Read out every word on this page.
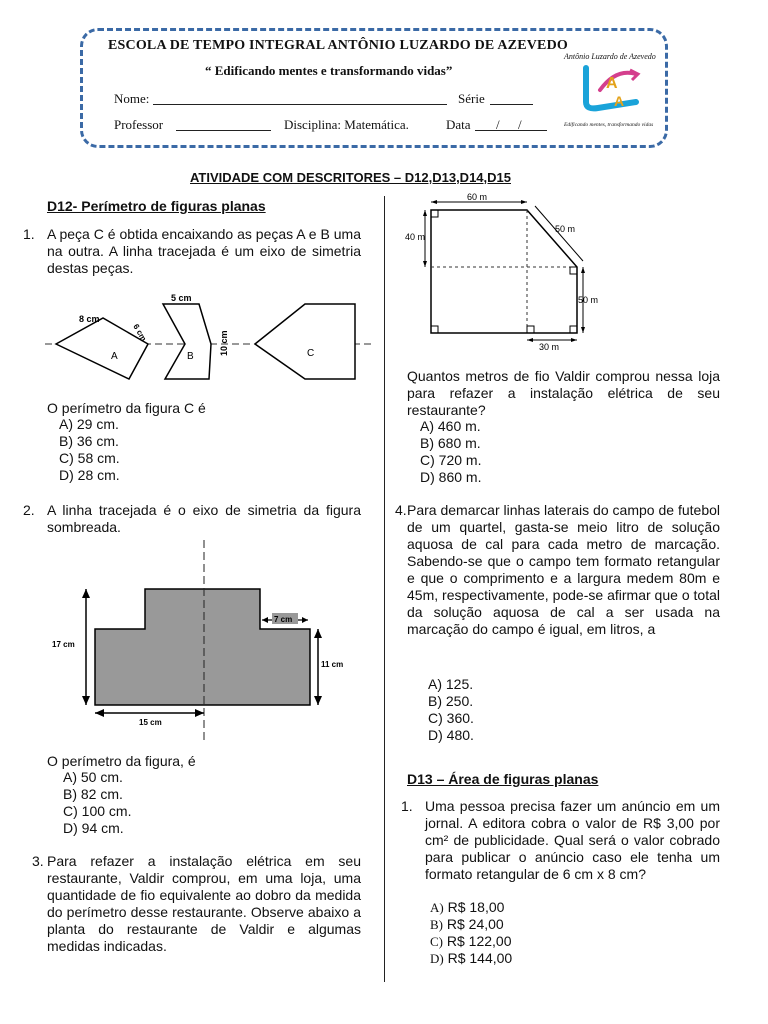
ESCOLA DE TEMPO INTEGRAL ANTÔNIO LUZARDO DE AZEVEDO
“ Edificando mentes e transformando vidas”
Nome:	Série
Professor	Disciplina: Matemática.	Data / /
Antônio Luzardo de Azevedo
A
A
Edificando mentes, transformando vidas
ATIVIDADE COM DESCRITORES – D12,D13,D14,D15
D12- Perímetro de figuras planas
1. A peça C é obtida encaixando as peças A e B uma na outra. A linha tracejada é um eixo de simetria destas peças.
8 cm
6 cm
5 cm
10 cm
A	B	C
O perímetro da figura C é
A) 29 cm.
B) 36 cm.
C) 58 cm.
D) 28 cm.
2. A linha tracejada é o eixo de simetria da figura sombreada.
17 cm
7 cm
11 cm
15 cm
O perímetro da figura, é
A) 50 cm.
B) 82 cm.
C) 100 cm.
D) 94 cm.
3. Para refazer a instalação elétrica em seu restaurante, Valdir comprou, em uma loja, uma quantidade de fio equivalente ao dobro da medida do perímetro desse restaurante. Observe abaixo a planta do restaurante de Valdir e algumas medidas indicadas.
60 m
40 m
50 m
50 m
30 m
Quantos metros de fio Valdir comprou nessa loja para refazer a instalação elétrica de seu restaurante?
A) 460 m.
B) 680 m.
C) 720 m.
D) 860 m.
4. Para demarcar linhas laterais do campo de futebol de um quartel, gasta-se meio litro de solução aquosa de cal para cada metro de marcação. Sabendo-se que o campo tem formato retangular e que o comprimento e a largura medem 80m e 45m, respectivamente, pode-se afirmar que o total da solução aquosa de cal a ser usada na marcação do campo é igual, em litros, a
A) 125.
B) 250.
C) 360.
D) 480.
D13 – Área de figuras planas
1. Uma pessoa precisa fazer um anúncio em um jornal. A editora cobra o valor de R$ 3,00 por cm² de publicidade. Qual será o valor cobrado para publicar o anúncio caso ele tenha um formato retangular de 6 cm x 8 cm?
A) R$ 18,00
B) R$ 24,00
C) R$ 122,00
D) R$ 144,00
